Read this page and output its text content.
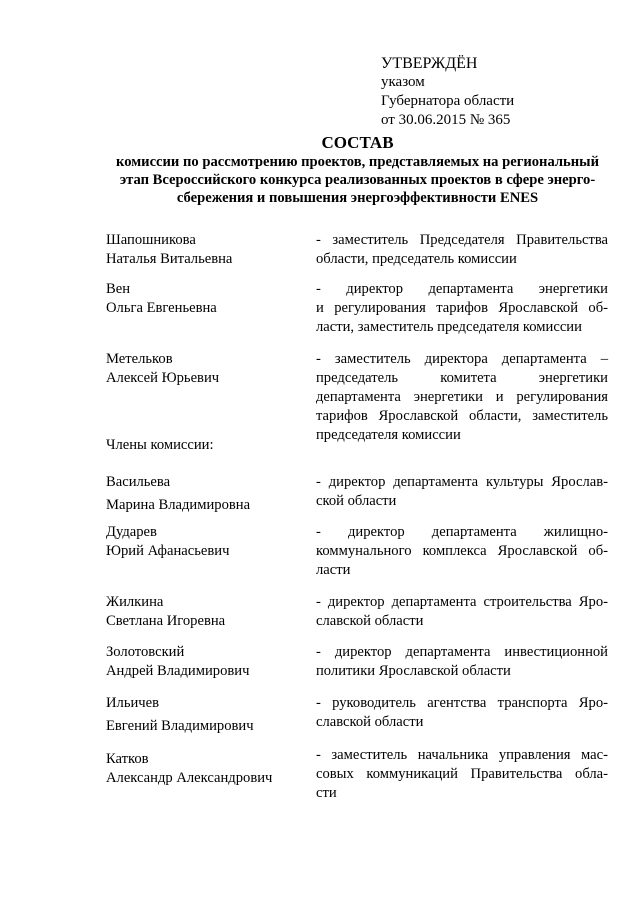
УТВЕРЖДЁН
указом
Губернатора области
от 30.06.2015 № 365
СОСТАВ
комиссии по рассмотрению проектов, представляемых на региональный
этап Всероссийского конкурса реализованных проектов в сфере энерго-
сбережения и повышения энергоэффективности ENES
Шапошникова
Наталья Витальевна
- заместитель Председателя Правительства
области, председатель комиссии
Вен
Ольга Евгеньевна
- директор департамента энергетики
и регулирования тарифов Ярославской об-
ласти, заместитель председателя комиссии
Метельков
Алексей Юрьевич
- заместитель директора департамента –
председатель комитета энергетики
департамента энергетики и регулирования
тарифов Ярославской области, заместитель
председателя комиссии
Члены комиссии:
Васильева
Марина Владимировна
- директор департамента культуры Ярослав-
ской области
Дударев
Юрий Афанасьевич
- директор департамента жилищно-
коммунального комплекса Ярославской об-
ласти
Жилкина
Светлана Игоревна
- директор департамента строительства Яро-
славской области
Золотовский
Андрей Владимирович
- директор департамента инвестиционной
политики Ярославской области
Ильичев
Евгений Владимирович
- руководитель агентства транспорта Яро-
славской области
Катков
Александр Александрович
- заместитель начальника управления мас-
совых коммуникаций Правительства обла-
сти
